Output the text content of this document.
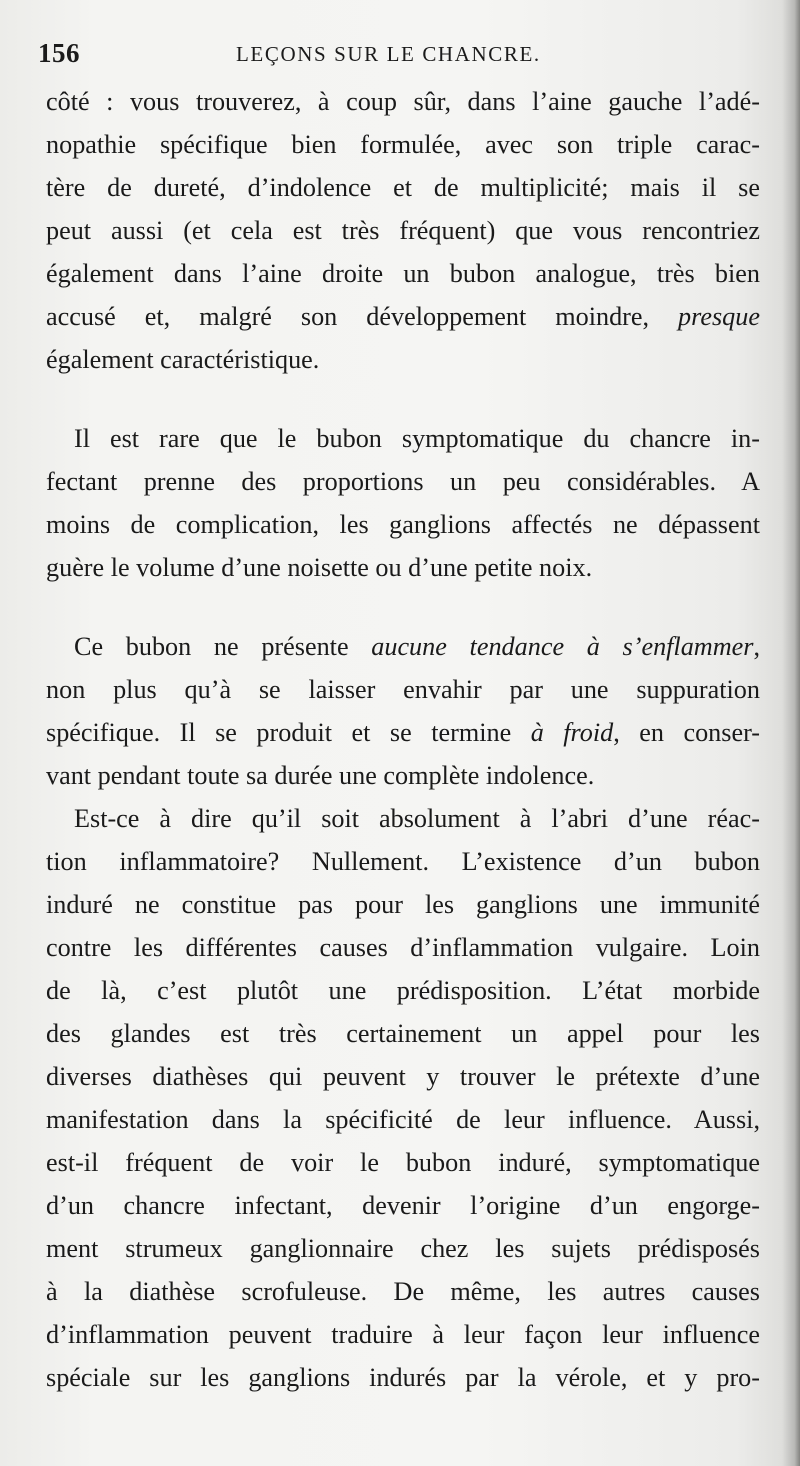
156	LEÇONS SUR LE CHANCRE.
côté : vous trouverez, à coup sûr, dans l’aine gauche l’adé-
nopathie spécifique bien formulée, avec son triple carac-
tère de dureté, d’indolence et de multiplicité; mais il se
peut aussi (et cela est très fréquent) que vous rencontriez
également dans l’aine droite un bubon analogue, très bien
accusé et, malgré son développement moindre, presque
également caractéristique.
Il est rare que le bubon symptomatique du chancre in-
fectant prenne des proportions un peu considérables. A
moins de complication, les ganglions affectés ne dépassent
guère le volume d’une noisette ou d’une petite noix.
Ce bubon ne présente aucune tendance à s’enflammer,
non plus qu’à se laisser envahir par une suppuration
spécifique. Il se produit et se termine à froid, en conser-
vant pendant toute sa durée une complète indolence.
Est-ce à dire qu’il soit absolument à l’abri d’une réac-
tion inflammatoire? Nullement. L’existence d’un bubon
induré ne constitue pas pour les ganglions une immunité
contre les différentes causes d’inflammation vulgaire. Loin
de là, c’est plutôt une prédisposition. L’état morbide
des glandes est très certainement un appel pour les
diverses diathèses qui peuvent y trouver le prétexte d’une
manifestation dans la spécificité de leur influence. Aussi,
est-il fréquent de voir le bubon induré, symptomatique
d’un chancre infectant, devenir l’origine d’un engorge-
ment strumeux ganglionnaire chez les sujets prédisposés
à la diathèse scrofuleuse. De même, les autres causes
d’inflammation peuvent traduire à leur façon leur influence
spéciale sur les ganglions indurés par la vérole, et y pro-
